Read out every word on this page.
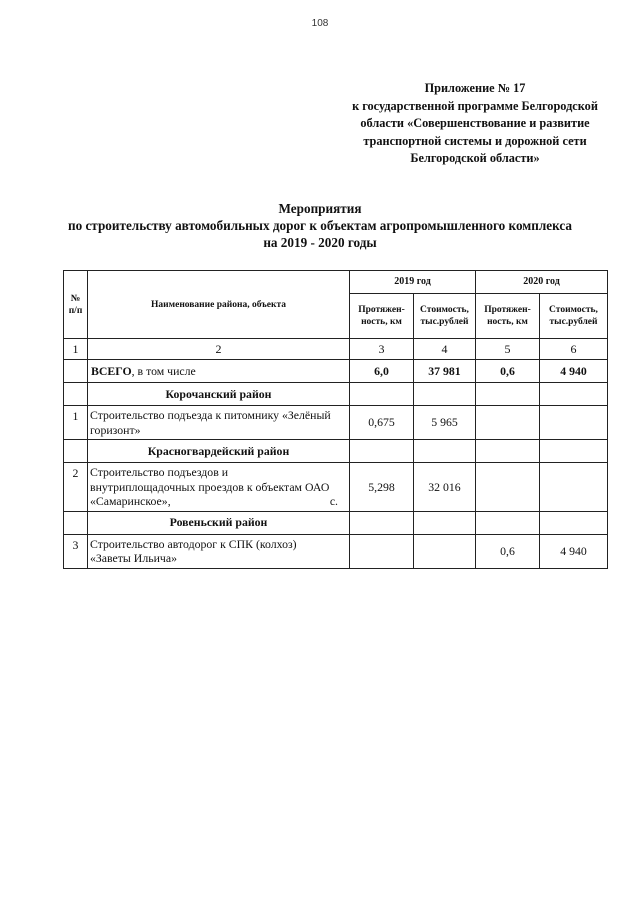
108
Приложение № 17
к государственной программе Белгородской
области «Совершенствование и развитие
транспортной системы и дорожной сети
Белгородской области»
Мероприятия
по строительству автомобильных дорог к объектам агропромышленного комплекса
на 2019 - 2020 годы
№ п/п	Наименование района, объекта	2019 год		2020 год	
		Протяжен- ность, км	Стоимость, тыс.рублей	Протяжен- ность, км	Стоимость, тыс.рублей
1	2	3	4	5	6
	ВСЕГО, в том числе	6,0	37 981	0,6	4 940
	Корочанский район				
1	Строительство подъезда к питомнику «Зелёный
горизонт»	0,675	5 965		
	Красногвардейский район				
2	Строительство подъездов и
внутриплощадочных проездов к объектам ОАО
«Самаринское», с.	5,298	32 016		
	Ровеньский район				
3	Строительство автодорог к СПК (колхоз)
«Заветы Ильича»			0,6	4 940
